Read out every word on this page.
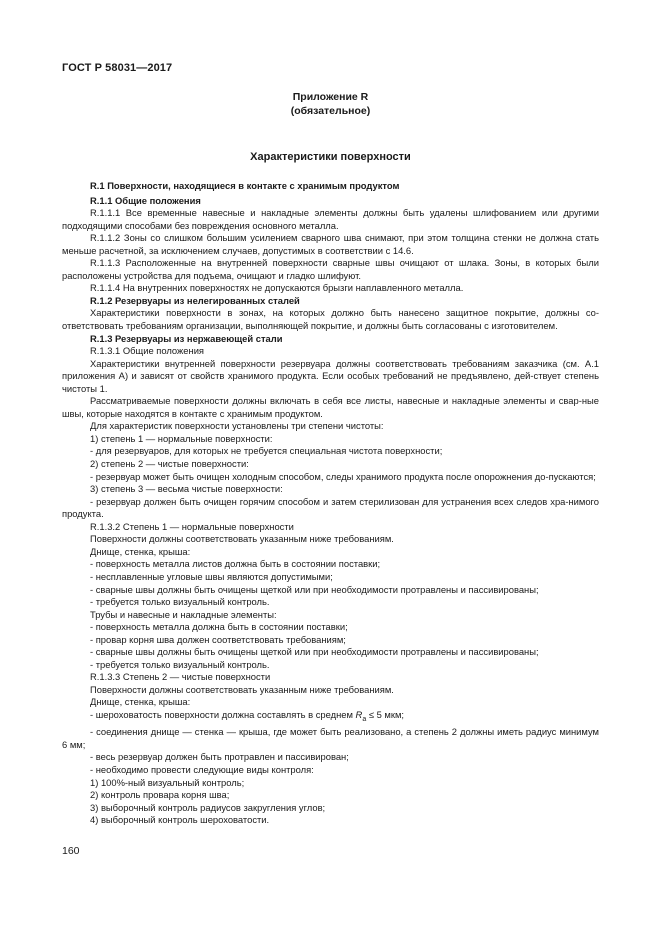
ГОСТ Р 58031—2017
Приложение R
(обязательное)
Характеристики поверхности

R.1 Поверхности, находящиеся в контакте с хранимым продуктом

R.1.1 Общие положения

R.1.1.1 Все временные навесные и накладные элементы должны быть удалены шлифованием или другими подходящими способами без повреждения основного металла.

R.1.1.2 Зоны со слишком большим усилением сварного шва снимают, при этом толщина стенки не должна стать меньше расчетной, за исключением случаев, допустимых в соответствии с 14.6.

R.1.1.3 Расположенные на внутренней поверхности сварные швы очищают от шлака. Зоны, в которых были расположены устройства для подъема, очищают и гладко шлифуют.

R.1.1.4 На внутренних поверхностях не допускаются брызги наплавленного металла.

R.1.2 Резервуары из нелегированных сталей

Характеристики поверхности в зонах, на которых должно быть нанесено защитное покрытие, должны со-ответствовать требованиям организации, выполняющей покрытие, и должны быть согласованы с изготовителем.

R.1.3 Резервуары из нержавеющей стали

R.1.3.1 Общие положения

Характеристики внутренней поверхности резервуара должны соответствовать требованиям заказчика (см. А.1 приложения А) и зависят от свойств хранимого продукта. Если особых требований не предъявлено, дей-ствует степень чистоты 1.

Рассматриваемые поверхности должны включать в себя все листы, навесные и накладные элементы и свар-ные швы, которые находятся в контакте с хранимым продуктом.

Для характеристик поверхности установлены три степени чистоты:

1) степень 1 — нормальные поверхности:

- для резервуаров, для которых не требуется специальная чистота поверхности;

2) степень 2 — чистые поверхности:

- резервуар может быть очищен холодным способом, следы хранимого продукта после опорожнения до-пускаются;

3) степень 3 — весьма чистые поверхности:

- резервуар должен быть очищен горячим способом и затем стерилизован для устранения всех следов хра-нимого продукта.

R.1.3.2 Степень 1 — нормальные поверхности

Поверхности должны соответствовать указанным ниже требованиям.

Днище, стенка, крыша:

- поверхность металла листов должна быть в состоянии поставки;

- несплавленные угловые швы являются допустимыми;

- сварные швы должны быть очищены щеткой или при необходимости протравлены и пассивированы;

- требуется только визуальный контроль.

Трубы и навесные и накладные элементы:

- поверхность металла должна быть в состоянии поставки;

- провар корня шва должен соответствовать требованиям;

- сварные швы должны быть очищены щеткой или при необходимости протравлены и пассивированы;

- требуется только визуальный контроль.

R.1.3.3 Степень 2 — чистые поверхности

Поверхности должны соответствовать указанным ниже требованиям.

Днище, стенка, крыша:

- шероховатость поверхности должна составлять в среднем $R_a \le 5$ мкм;

- соединения днище — стенка — крыша, где может быть реализовано, а степень 2 должны иметь радиус минимум 6 мм;

- весь резервуар должен быть протравлен и пассивирован;

- необходимо провести следующие виды контроля:

1) 100%-ный визуальный контроль;

2) контроль провара корня шва;

3) выборочный контроль радиусов закругления углов;

4) выборочный контроль шероховатости.

160
